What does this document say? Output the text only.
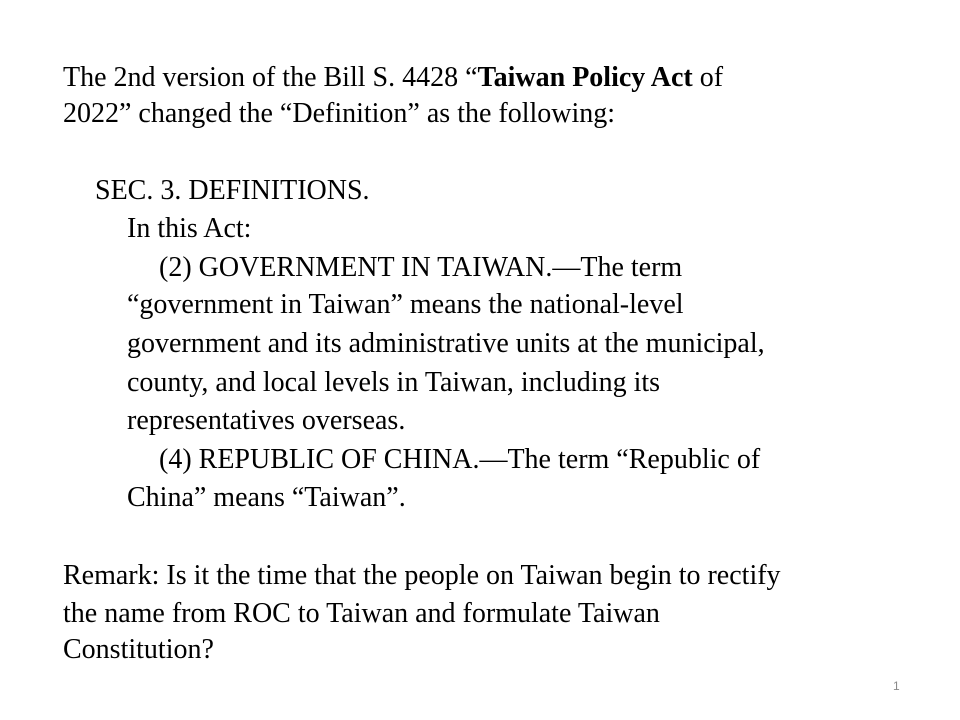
The 2nd version of the Bill S. 4428 “Taiwan Policy Act of
2022” changed the “Definition” as the following:
SEC. 3. DEFINITIONS.
In this Act:
(2) GOVERNMENT IN TAIWAN.—The term
“government in Taiwan” means the national-level
government and its administrative units at the municipal,
county, and local levels in Taiwan, including its
representatives overseas.
(4) REPUBLIC OF CHINA.—The term “Republic of
China” means “Taiwan”.
Remark: Is it the time that the people on Taiwan begin to rectify
the name from ROC to Taiwan and formulate Taiwan
Constitution?
1
